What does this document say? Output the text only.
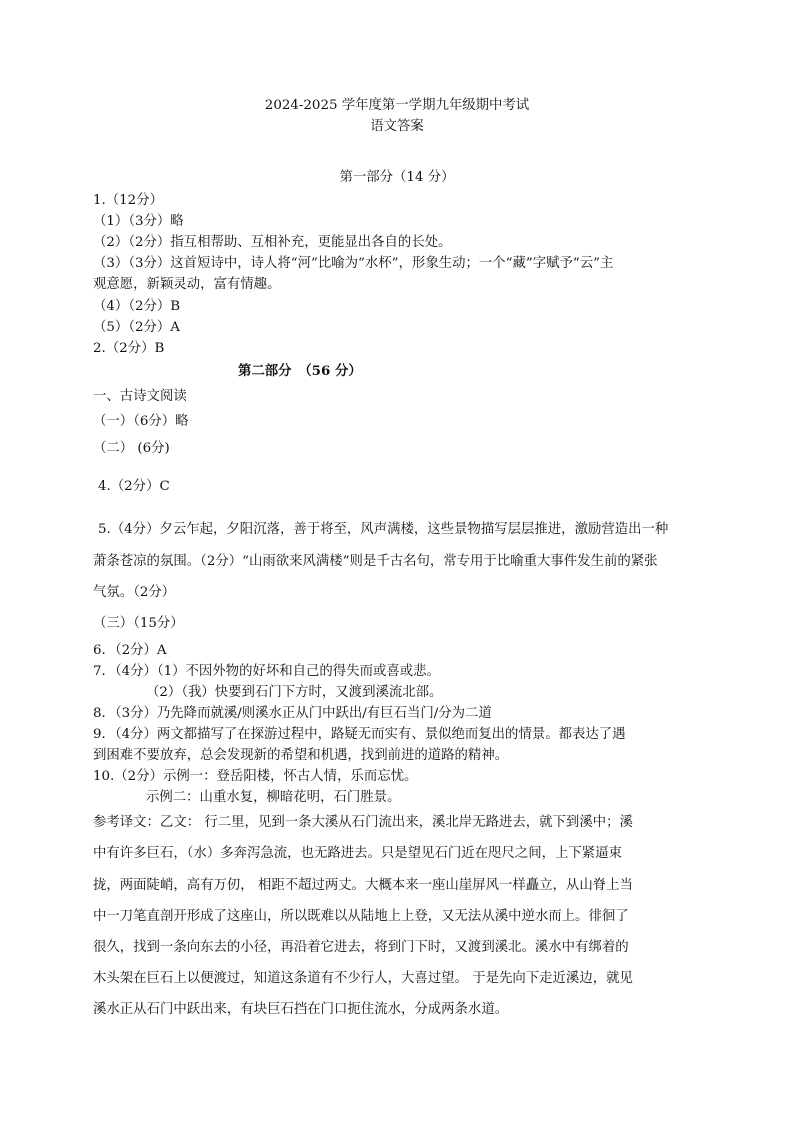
2024-2025 学年度第一学期九年级期中考试
语文答案
第一部分（14 分）
1.（12分）
（1）（3分）略
（2）（2分）指互相帮助、互相补充，更能显出各自的长处。
（3）（3分）这首短诗中，诗人将“河”比喻为“水杯”，形象生动；一个“藏”字赋予“云”主
观意愿，新颖灵动，富有情趣。
（4）（2分）B
（5）（2分）A
2.（2分）B
第二部分　（56 分）
一、古诗文阅读
（一）（6分）略
（二） (6分)
4.（2分）C
5.（4分）夕云乍起，夕阳沉落，善于将至，风声满楼，这些景物描写层层推进，激励营造出一种
萧条苍凉的氛围。（2分）“山雨欲来风满楼”则是千古名句，常专用于比喻重大事件发生前的紧张
气氛。（2分）
（三）（15分）
6．（2分）A
7．（4分）（1）不因外物的好坏和自己的得失而或喜或悲。
（2）（我）快要到石门下方时，又渡到溪流北部。
8．（3分）乃先降而就溪/则溪水正从门中跃出/有巨石当门/分为二道
9．（4分）两文都描写了在探游过程中，路疑无而实有、景似绝而复出的情景。都表达了遇
到困难不要放弃，总会发现新的希望和机遇，找到前进的道路的精神。
10.（2分）示例一：登岳阳楼，怀古人情，乐而忘忧。
示例二：山重水复，柳暗花明，石门胜景。
参考译文：乙文： 行二里，见到一条大溪从石门流出来，溪北岸无路进去，就下到溪中；溪
中有许多巨石，（水）多奔泻急流，也无路进去。只是望见石门近在咫尺之间，上下紧逼束
拢，两面陡峭，高有万仞， 相距不超过两丈。大概本来一座山崖屏风一样矗立，从山脊上当
中一刀笔直剖开形成了这座山，所以既难以从陆地上上登，又无法从溪中逆水而上。徘徊了
很久，找到一条向东去的小径，再沿着它进去，将到门下时，又渡到溪北。溪水中有绑着的
木头架在巨石上以便渡过，知道这条道有不少行人，大喜过望。 于是先向下走近溪边，就见
溪水正从石门中跃出来，有块巨石挡在门口扼住流水，分成两条水道。
